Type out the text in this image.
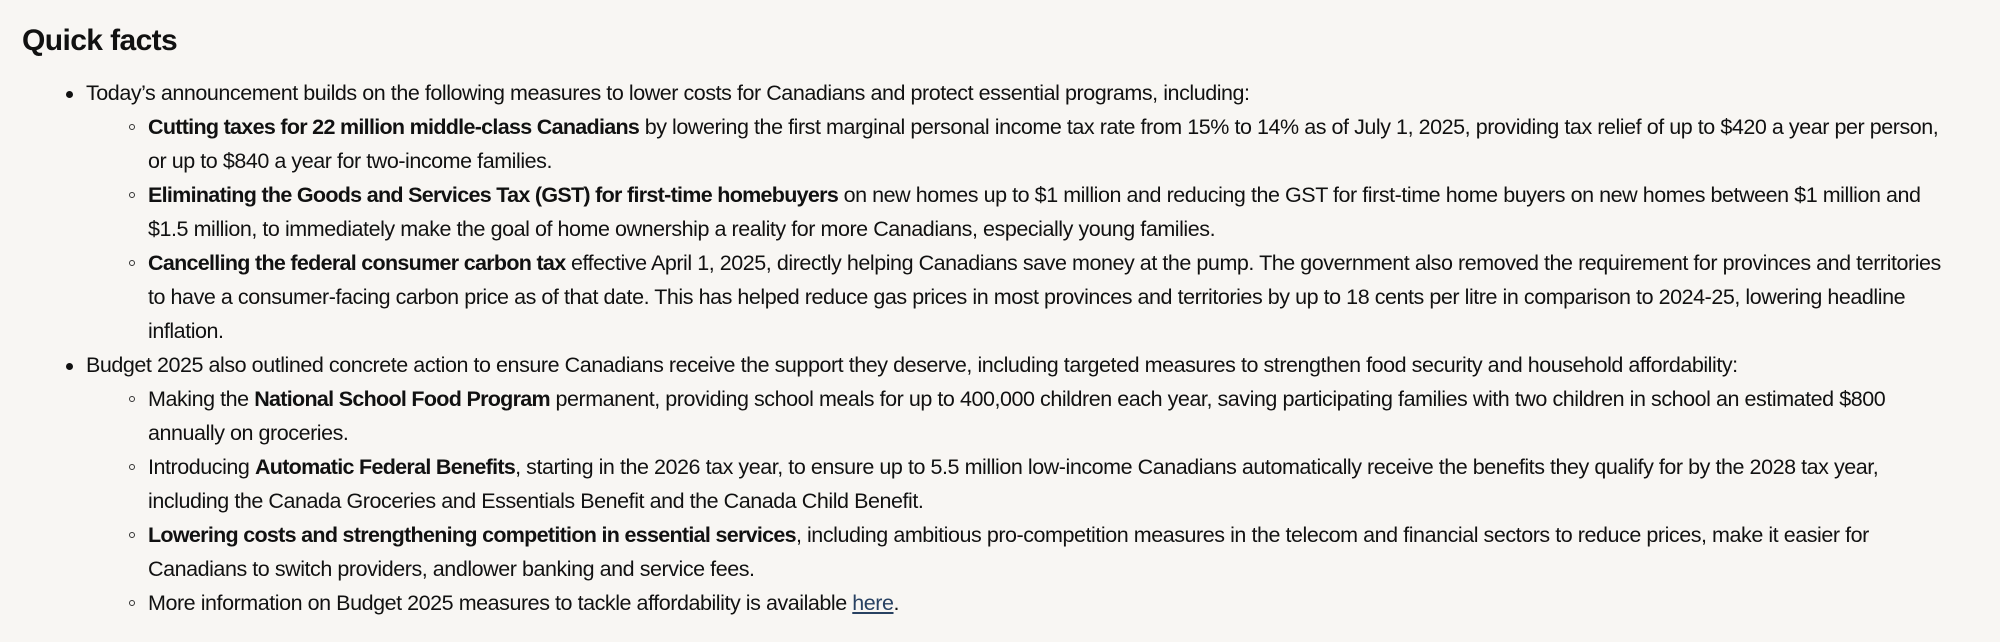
Quick facts
Today’s announcement builds on the following measures to lower costs for Canadians and protect essential programs, including:
Cutting taxes for 22 million middle-class Canadians by lowering the first marginal personal income tax rate from 15% to 14% as of July 1, 2025, providing tax relief of up to $420 a year per person, or up to $840 a year for two-income families.
Eliminating the Goods and Services Tax (GST) for first-time homebuyers on new homes up to $1 million and reducing the GST for first-time home buyers on new homes between $1 million and $1.5 million, to immediately make the goal of home ownership a reality for more Canadians, especially young families.
Cancelling the federal consumer carbon tax effective April 1, 2025, directly helping Canadians save money at the pump. The government also removed the requirement for provinces and territories to have a consumer-facing carbon price as of that date. This has helped reduce gas prices in most provinces and territories by up to 18 cents per litre in comparison to 2024-25, lowering headline inflation.
Budget 2025 also outlined concrete action to ensure Canadians receive the support they deserve, including targeted measures to strengthen food security and household affordability:
Making the National School Food Program permanent, providing school meals for up to 400,000 children each year, saving participating families with two children in school an estimated $800 annually on groceries.
Introducing Automatic Federal Benefits, starting in the 2026 tax year, to ensure up to 5.5 million low-income Canadians automatically receive the benefits they qualify for by the 2028 tax year, including the Canada Groceries and Essentials Benefit and the Canada Child Benefit.
Lowering costs and strengthening competition in essential services, including ambitious pro-competition measures in the telecom and financial sectors to reduce prices, make it easier for Canadians to switch providers, andlower banking and service fees.
More information on Budget 2025 measures to tackle affordability is available here.
